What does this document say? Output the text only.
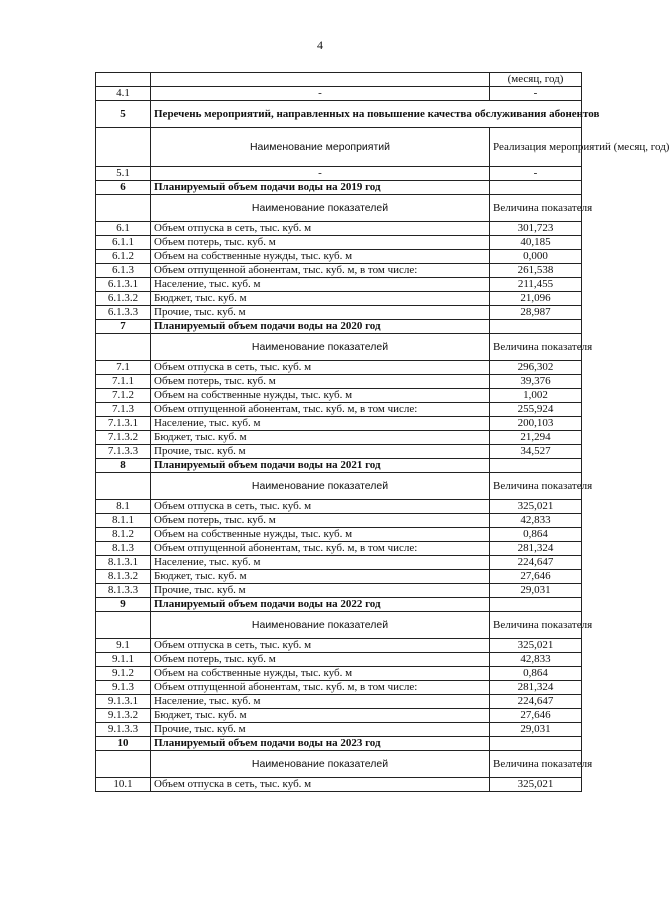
4
		(месяц, год)
4.1	-	-
5	Перечень мероприятий, направленных на повышение качества обслуживания абонентов	
	Наименование мероприятий	Реализация мероприятий (месяц, год)
5.1	-	-
6	Планируемый объем подачи воды на 2019 год	
	Наименование показателей	Величина показателя
6.1	Объем отпуска в сеть, тыс. куб. м	301,723
6.1.1	Объем потерь, тыс. куб. м	40,185
6.1.2	Объем на собственные нужды, тыс. куб. м	0,000
6.1.3	Объем отпущенной абонентам, тыс. куб. м, в том числе:	261,538
6.1.3.1	Население, тыс. куб. м	211,455
6.1.3.2	Бюджет, тыс. куб. м	21,096
6.1.3.3	Прочие, тыс. куб. м	28,987
7	Планируемый объем подачи воды на 2020 год	
	Наименование показателей	Величина показателя
7.1	Объем отпуска в сеть, тыс. куб. м	296,302
7.1.1	Объем потерь, тыс. куб. м	39,376
7.1.2	Объем на собственные нужды, тыс. куб. м	1,002
7.1.3	Объем отпущенной абонентам, тыс. куб. м, в том числе:	255,924
7.1.3.1	Население, тыс. куб. м	200,103
7.1.3.2	Бюджет, тыс. куб. м	21,294
7.1.3.3	Прочие, тыс. куб. м	34,527
8	Планируемый объем подачи воды на 2021 год	
	Наименование показателей	Величина показателя
8.1	Объем отпуска в сеть, тыс. куб. м	325,021
8.1.1	Объем потерь, тыс. куб. м	42,833
8.1.2	Объем на собственные нужды, тыс. куб. м	0,864
8.1.3	Объем отпущенной абонентам, тыс. куб. м, в том числе:	281,324
8.1.3.1	Население, тыс. куб. м	224,647
8.1.3.2	Бюджет, тыс. куб. м	27,646
8.1.3.3	Прочие, тыс. куб. м	29,031
9	Планируемый объем подачи воды на 2022 год	
	Наименование показателей	Величина показателя
9.1	Объем отпуска в сеть, тыс. куб. м	325,021
9.1.1	Объем потерь, тыс. куб. м	42,833
9.1.2	Объем на собственные нужды, тыс. куб. м	0,864
9.1.3	Объем отпущенной абонентам, тыс. куб. м, в том числе:	281,324
9.1.3.1	Население, тыс. куб. м	224,647
9.1.3.2	Бюджет, тыс. куб. м	27,646
9.1.3.3	Прочие, тыс. куб. м	29,031
10	Планируемый объем подачи воды на 2023 год	
	Наименование показателей	Величина показателя
10.1	Объем отпуска в сеть, тыс. куб. м	325,021
